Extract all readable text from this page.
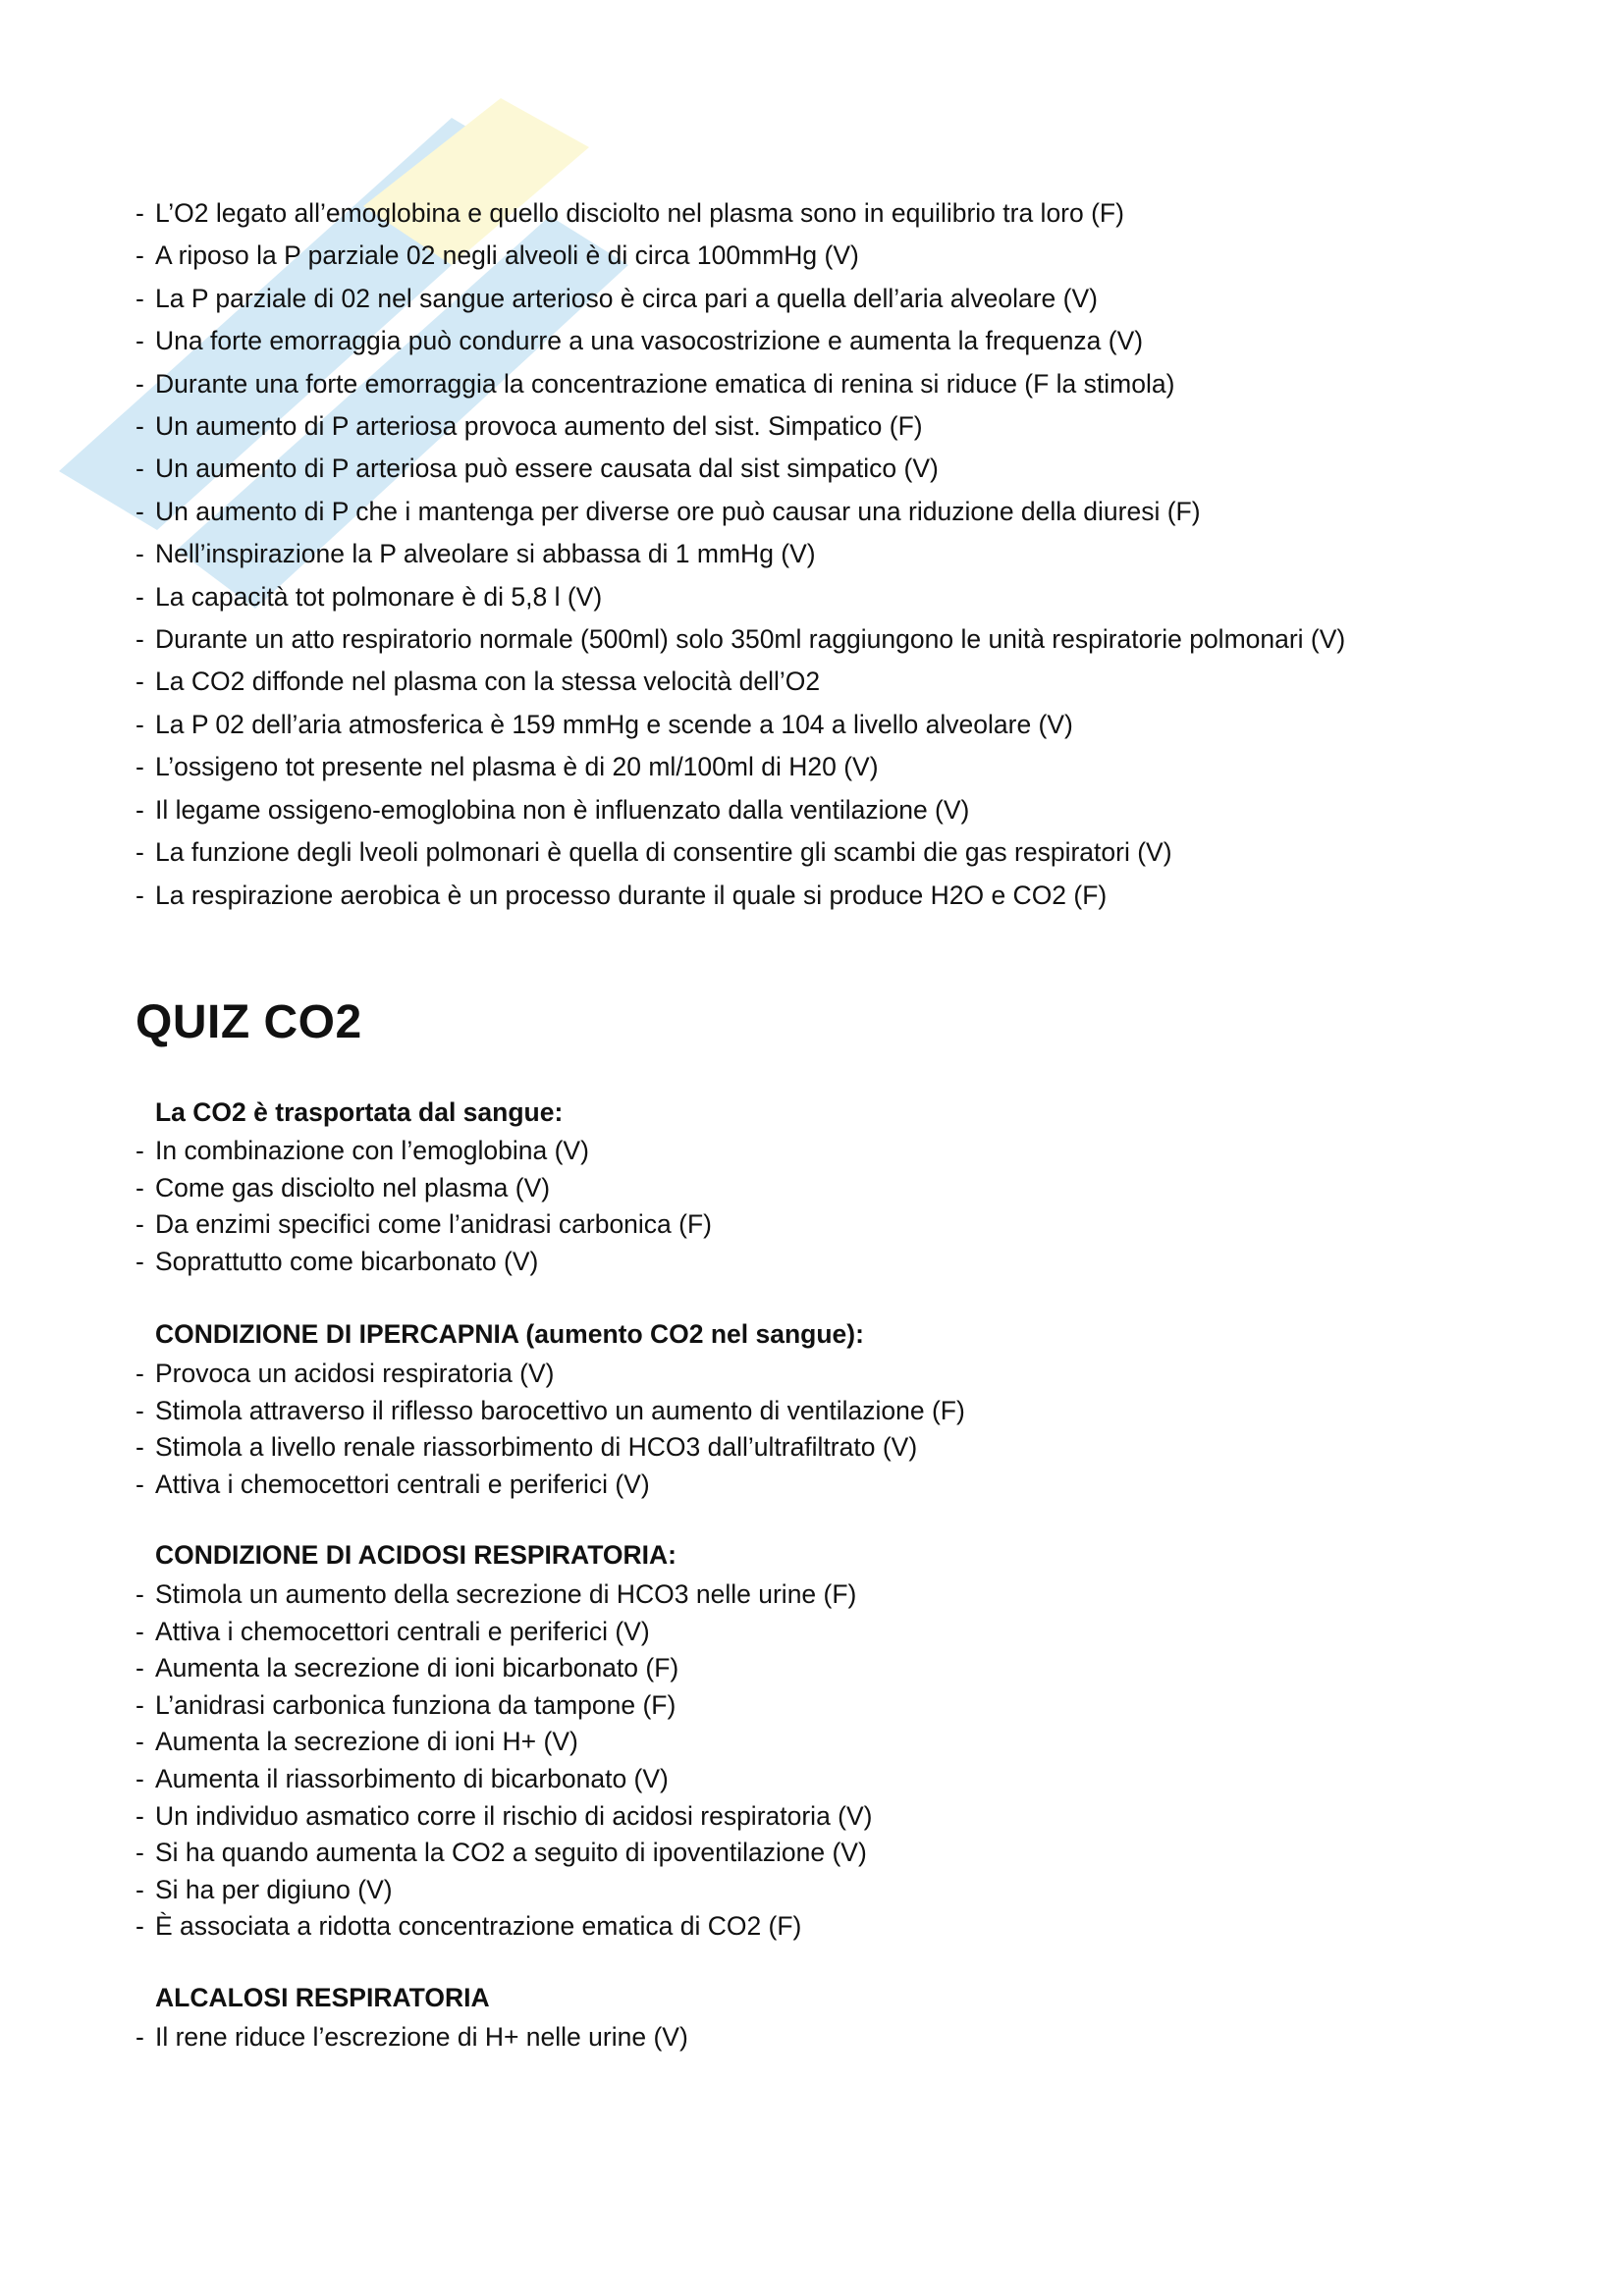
- L’O2 legato all’emoglobina e quello disciolto nel plasma sono in equilibrio tra loro (F)
- A riposo la P parziale 02 negli alveoli è di circa 100mmHg (V)
- La P parziale di 02 nel sangue arterioso è circa pari a quella dell’aria alveolare (V)
- Una forte emorraggia può condurre a una vasocostrizione e aumenta la frequenza (V)
- Durante una forte emorraggia la concentrazione ematica di renina si riduce (F la stimola)
- Un aumento di P arteriosa provoca aumento del sist. Simpatico (F)
- Un aumento di P arteriosa può essere causata dal sist simpatico (V)
- Un aumento di P che i mantenga per diverse ore può causar una riduzione della diuresi (F)
- Nell’inspirazione la P alveolare si abbassa di 1 mmHg (V)
- La capacità tot polmonare è di 5,8 l (V)
- Durante un atto respiratorio normale (500ml) solo 350ml raggiungono le unità respiratorie polmonari (V)
- La CO2 diffonde nel plasma con la stessa velocità dell’O2
- La P 02 dell’aria atmosferica è 159 mmHg e scende a 104 a livello alveolare (V)
- L’ossigeno tot presente nel plasma è di 20 ml/100ml di H20 (V)
- Il legame ossigeno-emoglobina non è influenzato dalla ventilazione (V)
- La funzione degli lveoli polmonari è quella di consentire gli scambi die gas respiratori (V)
- La respirazione aerobica è un processo durante il quale si produce H2O e CO2 (F)
QUIZ CO2
La CO2 è trasportata dal sangue:
- In combinazione con l’emoglobina (V)
- Come gas disciolto nel plasma (V)
- Da enzimi specifici come l’anidrasi carbonica (F)
- Soprattutto come bicarbonato (V)
CONDIZIONE DI IPERCAPNIA (aumento CO2 nel sangue):
- Provoca un acidosi respiratoria (V)
- Stimola attraverso il riflesso barocettivo un aumento di ventilazione (F)
- Stimola a livello renale riassorbimento di HCO3 dall’ultrafiltrato (V)
- Attiva i chemocettori centrali e periferici (V)
CONDIZIONE DI ACIDOSI RESPIRATORIA:
- Stimola un aumento della secrezione di HCO3 nelle urine (F)
- Attiva i chemocettori centrali e periferici (V)
- Aumenta la secrezione di ioni bicarbonato (F)
- L’anidrasi carbonica funziona da tampone (F)
- Aumenta la secrezione di ioni H+ (V)
- Aumenta il riassorbimento di bicarbonato (V)
- Un individuo asmatico corre il rischio di acidosi respiratoria (V)
- Si ha quando aumenta la CO2 a seguito di ipoventilazione (V)
- Si ha per digiuno (V)
- È associata a ridotta concentrazione ematica di CO2 (F)
ALCALOSI RESPIRATORIA
- Il rene riduce l’escrezione di H+ nelle urine (V)
